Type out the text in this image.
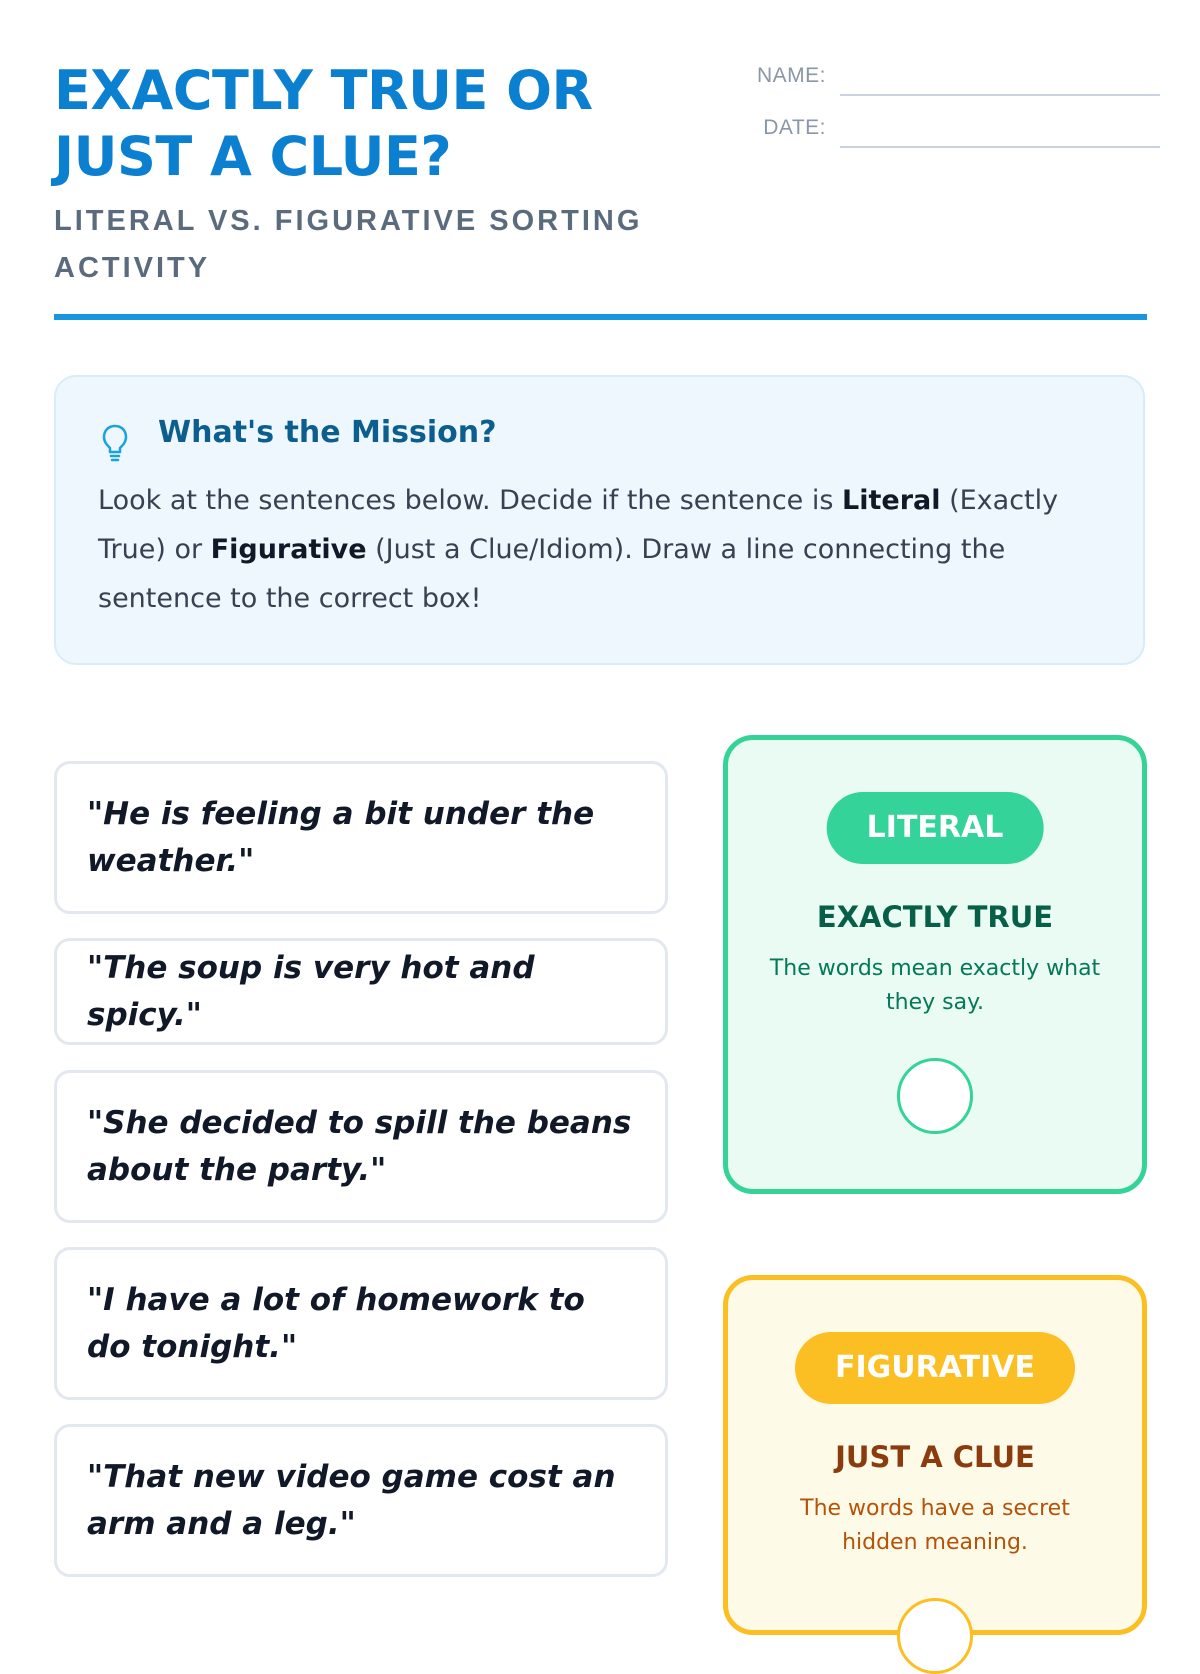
EXACTLY TRUE OR JUST A CLUE?
LITERAL VS. FIGURATIVE SORTING ACTIVITY
NAME:
DATE:
What's the Mission?

Look at the sentences below. Decide if the sentence is Literal (Exactly True) or Figurative (Just a Clue/Idiom). Draw a line connecting the sentence to the correct box!

"He is feeling a bit under the weather."
"The soup is very hot and spicy."
"She decided to spill the beans about the party."
"I have a lot of homework to do tonight."
"That new video game cost an arm and a leg."
LITERAL
EXACTLY TRUE

The words mean exactly what they say.

FIGURATIVE
JUST A CLUE

The words have a secret hidden meaning.
